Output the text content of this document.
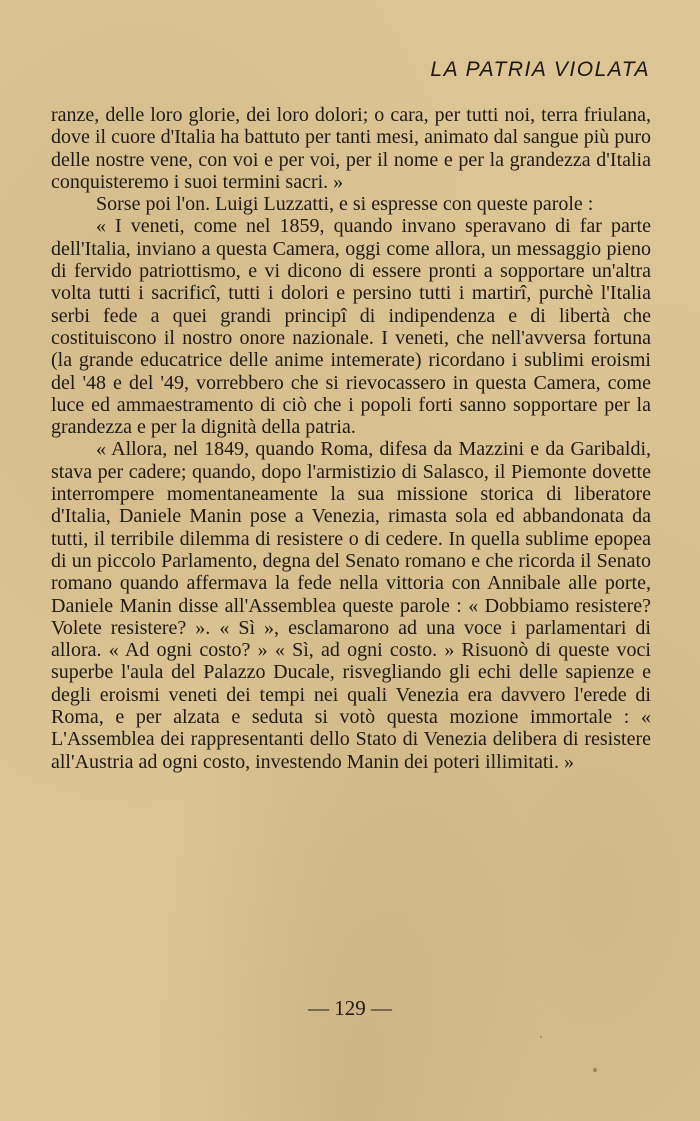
LA PATRIA VIOLATA

ranze, delle loro glorie, dei loro dolori; o cara, per tutti noi, terra friulana, dove il cuore d'Italia ha battuto per tanti mesi, animato dal sangue più puro delle nostre vene, con voi e per voi, per il nome e per la grandezza d'Italia conquisteremo i suoi termini sacri. »

Sorse poi l'on. Luigi Luzzatti, e si espresse con queste parole :

« I veneti, come nel 1859, quando invano speravano di far parte dell'Italia, inviano a questa Camera, oggi come allora, un messaggio pieno di fervido patriottismo, e vi dicono di essere pronti a sopportare un'altra volta tutti i sacrificî, tutti i dolori e persino tutti i martirî, purchè l'Italia serbi fede a quei grandi principî di indipendenza e di libertà che costituiscono il nostro onore nazionale. I veneti, che nell'avversa fortuna (la grande educatrice delle anime intemerate) ricordano i sublimi eroismi del '48 e del '49, vorrebbero che si rievocassero in questa Camera, come luce ed ammaestramento di ciò che i popoli forti sanno sopportare per la grandezza e per la dignità della patria.

« Allora, nel 1849, quando Roma, difesa da Mazzini e da Garibaldi, stava per cadere; quando, dopo l'armistizio di Salasco, il Piemonte dovette interrompere momentaneamente la sua missione storica di liberatore d'Italia, Daniele Manin pose a Venezia, rimasta sola ed abbandonata da tutti, il terribile dilemma di resistere o di cedere. In quella sublime epopea di un piccolo Parlamento, degna del Senato romano e che ricorda il Senato romano quando affermava la fede nella vittoria con Annibale alle porte, Daniele Manin disse all'Assemblea queste parole : « Dobbiamo resistere? Volete resistere? ». « Sì », esclamarono ad una voce i parlamentari di allora. « Ad ogni costo? » « Sì, ad ogni costo. » Risuonò di queste voci superbe l'aula del Palazzo Ducale, risvegliando gli echi delle sapienze e degli eroismi veneti dei tempi nei quali Venezia era davvero l'erede di Roma, e per alzata e seduta si votò questa mozione immortale : « L'Assemblea dei rappresentanti dello Stato di Venezia delibera di resistere all'Austria ad ogni costo, investendo Manin dei poteri illimitati. »

— 129 —
